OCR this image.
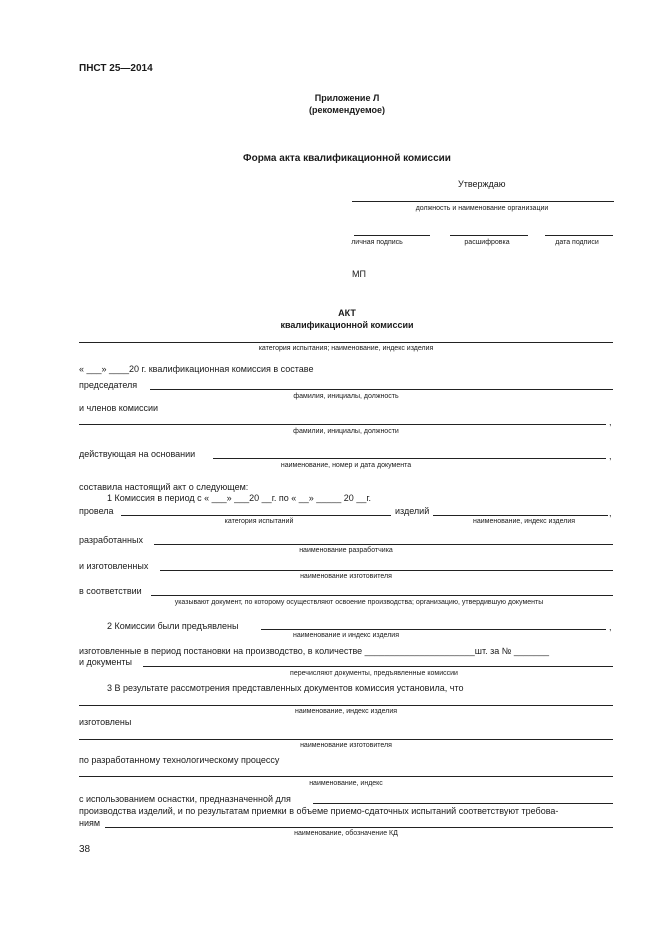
ПНСТ 25—2014
Приложение Л
(рекомендуемое)
Форма акта квалификационной комиссии
Утверждаю
должность и наименование организации
личная подпись	расшифровка	дата подписи
МП
АКТ
квалификационной комиссии
категория испытания; наименование, индекс изделия
« ___» ____20 г. квалификационная комиссия в составе
председателя
фамилия, инициалы, должность
и членов комиссии
,
фамилии, инициалы, должности
действующая на основании	,
наименование, номер и дата документа
составила настоящий акт о следующем:
1 Комиссия в период с « ___» ___20 __г. по « __» _____ 20 __г.
провела	изделий	,
категория испытаний	наименование, индекс изделия
разработанных
наименование разработчика
и изготовленных
наименование изготовителя
в соответствии
указывают документ, по которому осуществляют освоение производства; организацию, утвердившую документы
2 Комиссии были предъявлены	,
наименование и индекс изделия
изготовленные в период постановки на производство, в количестве ______________________шт. за № _______
и документы
перечисляют документы, предъявленные комиссии
3 В результате рассмотрения представленных документов комиссия установила, что
наименование, индекс изделия
изготовлены
наименование изготовителя
по разработанному технологическому процессу
наименование, индекс
с использованием оснастки, предназначенной для
производства изделий, и по результатам приемки в объеме приемо-сдаточных испытаний соответствуют требова-
ниям
наименование, обозначение КД
38
